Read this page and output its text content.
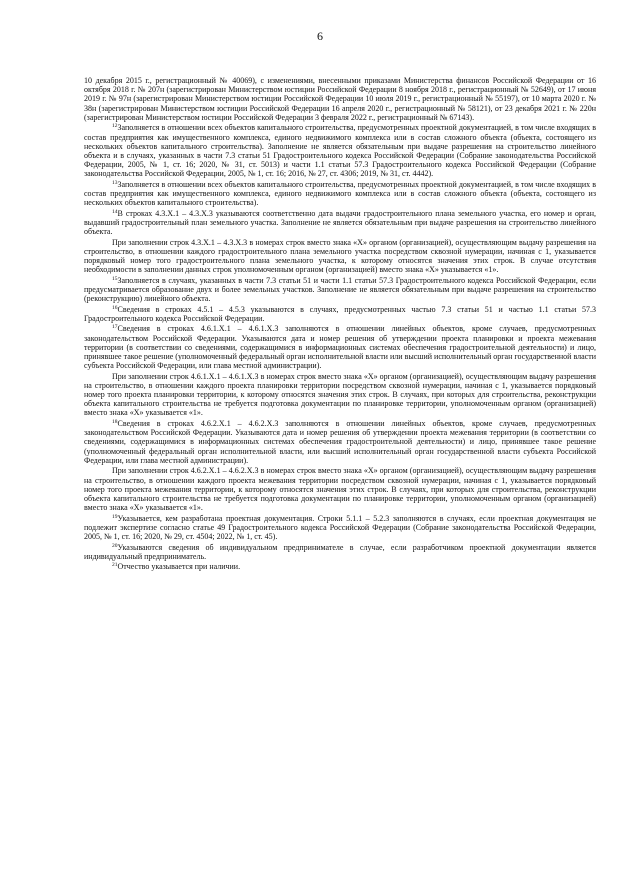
6

10 декабря 2015 г., регистрационный № 40069), с изменениями, внесенными приказами Министерства финансов Российской Федерации от 16 октября 2018 г. № 207н (зарегистрирован Министерством юстиции Российской Федерации 8 ноября 2018 г., регистрационный № 52649), от 17 июня 2019 г. № 97н (зарегистрирован Министерством юстиции Российской Федерации 10 июля 2019 г., регистрационный № 55197), от 10 марта 2020 г. № 38н (зарегистрирован Министерством юстиции Российской Федерации 16 апреля 2020 г., регистрационный № 58121), от 23 декабря 2021 г. № 220н (зарегистрирован Министерством юстиции Российской Федерации 3 февраля 2022 г., регистрационный № 67143).

$^{12}$Заполняется в отношении всех объектов капитального строительства, предусмотренных проектной документацией, в том числе входящих в состав предприятия как имущественного комплекса, единого недвижимого комплекса или в состав сложного объекта (объекта, состоящего из нескольких объектов капитального строительства). Заполнение не является обязательным при выдаче разрешения на строительство линейного объекта и в случаях, указанных в части 7.3 статьи 51 Градостроительного кодекса Российской Федерации (Собрание законодательства Российской Федерации, 2005, № 1, ст. 16; 2020, № 31, ст. 5013) и части 1.1 статьи 57.3 Градостроительного кодекса Российской Федерации (Собрание законодательства Российской Федерации, 2005, № 1, ст. 16; 2016, № 27, ст. 4306; 2019, № 31, ст. 4442).

$^{13}$Заполняется в отношении всех объектов капитального строительства, предусмотренных проектной документацией, в том числе входящих в состав предприятия как имущественного комплекса, единого недвижимого комплекса или в состав сложного объекта (объекта, состоящего из нескольких объектов капитального строительства).

$^{14}$В строках 4.3.X.1 – 4.3.X.3 указываются соответственно дата выдачи градостроительного плана земельного участка, его номер и орган, выдавший градостроительный план земельного участка. Заполнение не является обязательным при выдаче разрешения на строительство линейного объекта.

При заполнении строк 4.3.X.1 – 4.3.X.3 в номерах строк вместо знака «X» органом (организацией), осуществляющим выдачу разрешения на строительство, в отношении каждого градостроительного плана земельного участка посредством сквозной нумерации, начиная с 1, указывается порядковый номер того градостроительного плана земельного участка, к которому относятся значения этих строк. В случае отсутствия необходимости в заполнении данных строк уполномоченным органом (организацией) вместо знака «X» указывается «1».

$^{15}$Заполняется в случаях, указанных в части 7.3 статьи 51 и части 1.1 статьи 57.3 Градостроительного кодекса Российской Федерации, если предусматривается образование двух и более земельных участков. Заполнение не является обязательным при выдаче разрешения на строительство (реконструкцию) линейного объекта.

$^{16}$Сведения в строках 4.5.1 – 4.5.3 указываются в случаях, предусмотренных частью 7.3 статьи 51 и частью 1.1 статьи 57.3 Градостроительного кодекса Российской Федерации.

$^{17}$Сведения в строках 4.6.1.X.1 – 4.6.1.X.3 заполняются в отношении линейных объектов, кроме случаев, предусмотренных законодательством Российской Федерации. Указываются дата и номер решения об утверждении проекта планировки и проекта межевания территории (в соответствии со сведениями, содержащимися в информационных системах обеспечения градостроительной деятельности) и лицо, принявшее такое решение (уполномоченный федеральный орган исполнительной власти или высший исполнительный орган государственной власти субъекта Российской Федерации, или глава местной администрации).

При заполнении строк 4.6.1.X.1 – 4.6.1.X.3 в номерах строк вместо знака «X» органом (организацией), осуществляющим выдачу разрешения на строительство, в отношении каждого проекта планировки территории посредством сквозной нумерации, начиная с 1, указывается порядковый номер того проекта планировки территории, к которому относятся значения этих строк. В случаях, при которых для строительства, реконструкции объекта капитального строительства не требуется подготовка документации по планировке территории, уполномоченным органом (организацией) вместо знака «X» указывается «1».

$^{18}$Сведения в строках 4.6.2.X.1 – 4.6.2.X.3 заполняются в отношении линейных объектов, кроме случаев, предусмотренных законодательством Российской Федерации. Указываются дата и номер решения об утверждении проекта межевания территории (в соответствии со сведениями, содержащимися в информационных системах обеспечения градостроительной деятельности) и лицо, принявшее такое решение (уполномоченный федеральный орган исполнительной власти, или высший исполнительный орган государственной власти субъекта Российской Федерации, или глава местной администрации).

При заполнении строк 4.6.2.X.1 – 4.6.2.X.3 в номерах строк вместо знака «X» органом (организацией), осуществляющим выдачу разрешения на строительство, в отношении каждого проекта межевания территории посредством сквозной нумерации, начиная с 1, указывается порядковый номер того проекта межевания территории, к которому относятся значения этих строк. В случаях, при которых для строительства, реконструкции объекта капитального строительства не требуется подготовка документации по планировке территории, уполномоченным органом (организацией) вместо знака «X» указывается «1».

$^{19}$Указывается, кем разработана проектная документация. Строки 5.1.1 – 5.2.3 заполняются в случаях, если проектная документация не подлежит экспертизе согласно статье 49 Градостроительного кодекса Российской Федерации (Собрание законодательства Российской Федерации, 2005, № 1, ст. 16; 2020, № 29, ст. 4504; 2022, № 1, ст. 45).

$^{20}$Указываются сведения об индивидуальном предпринимателе в случае, если разработчиком проектной документации является индивидуальный предприниматель.

$^{21}$Отчество указывается при наличии.
